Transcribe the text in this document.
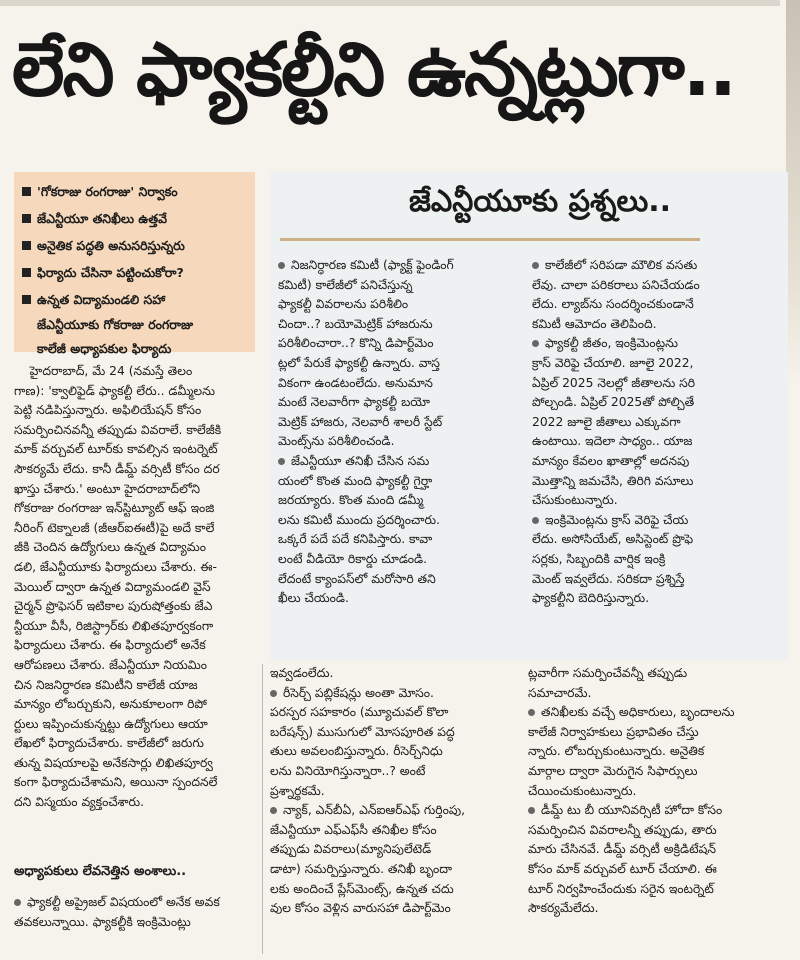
లేని ఫ్యాకల్టీని ఉన్నట్లుగా..
'గోకరాజు రంగరాజు' నిర్వాకం
జేఎన్టీయూ తనిఖీలు ఉత్తవే
అనైతిక పద్ధతి అనుసరిస్తున్నరు
ఫిర్యాదు చేసినా పట్టించుకోరా?
ఉన్నత విద్యామండలి సహా
జేఎన్టీయూకు గోకరాజు రంగరాజు
కాలేజీ అధ్యాపకుల ఫిర్యాదు
జేఎన్టీయూకు ప్రశ్నలు..
నిజనిర్ధారణ కమిటీ (ఫ్యాక్ట్ ఫైండింగ్
కమిటీ) కాలేజీలో పనిచేస్తున్న
ఫ్యాకల్టీ వివరాలను పరిశీలిం
చిందా..? బయోమెట్రిక్ హాజరును
పరిశీలించారా..? కొన్ని డిపార్ట్‌మెం
ట్లలో పేరుకే ఫ్యాకల్టీ ఉన్నారు. వాస్త
వికంగా ఉండటంలేదు. అనుమాన
మంటే నెలవారీగా ఫ్యాకల్టీ బయో
మెట్రిక్ హాజరు, నెలవారీ శాలరీ స్టేట్
మెంట్స్‌ను పరిశీలించండి.
జేఎన్టీయూ తనిఖీ చేసిన సమ
యంలో కొంత మంది ఫ్యాకల్టీ గైర్హా
జరయ్యారు. కొంత మంది డమ్మీ
లను కమిటీ ముందు ప్రదర్శించారు.
ఒక్కరే పదే పదే కనిపిస్తారు. కావా
లంటే వీడియో రికార్డు చూడండి.
లేదంటే క్యాంపస్‌లో మరోసారి తని
ఖీలు చేయండి.
కాలేజీలో సరిపడా మౌలిక వసతు
లేవు. చాలా పరికరాలు పనిచేయడం
లేదు. ల్యాబ్‌ను సందర్శించకుండానే
కమిటీ ఆమోదం తెలిపింది.
ఫ్యాకల్టీ జీతం, ఇంక్రిమెంట్లను
క్రాస్ వెరిఫై చేయాలి. జూలై 2022,
ఏప్రిల్ 2025 నెలల్లో జీతాలను సరి
పోల్చండి. ఏప్రిల్ 2025తో పోల్చితే
2022 జూలై జీతాలు ఎక్కువగా
ఉంటాయి. ఇదెలా సాధ్యం.. యాజ
మాన్యం కేవలం ఖాతాల్లో అదనపు
మొత్తాన్ని జమచేసి, తిరిగి వసూలు
చేసుకుంటున్నారు.
ఇంక్రిమెంట్లను క్రాస్ వెరిఫై చేయ
లేదు. అసోసియేట్, అసిస్టెంట్ ప్రొఫె
సర్లకు, సిబ్బందికి వార్షిక ఇంక్రి
మెంట్ ఇవ్వలేదు. సరికదా ప్రశ్నిస్తే
ఫ్యాకల్టీని బెదిరిస్తున్నారు.
హైదరాబాద్, మే 24 (నమస్తే తెలం
గాణ): 'క్వాలిఫైడ్ ఫ్యాకల్టీ లేరు.. డమ్మీలను
పెట్టి నడిపిస్తున్నారు. అఫిలియేషన్ కోసం
సమర్పించినవన్నీ తప్పుడు వివరాలే. కాలేజీకి
మాక్ వర్చువల్ టూర్‌కు కావల్సిన ఇంటర్నెట్
సౌకర్యమే లేదు. కానీ డీమ్డ్ వర్సిటీ కోసం దర
ఖాస్తు చేశారు.' అంటూ హైదరాబాద్‌లోని
గోకరాజు రంగరాజు ఇన్‌స్టిట్యూట్ ఆఫ్ ఇంజి
నీరింగ్ టెక్నాలజీ (జీఆర్ఐఈటీ)పై అదే కాలే
జీకి చెందిన ఉద్యోగులు ఉన్నత విద్యామం
డలి, జేఎన్టీయూకు ఫిర్యాదులు చేశారు. ఈ-
మెయిల్ ద్వారా ఉన్నత విద్యామండలి వైస్
చైర్మన్ ప్రొఫెసర్ ఇటికాల పురుషోత్తంకు జేఎ
న్టీయూ వీసీ, రిజిస్ట్రార్‌కు లిఖితపూర్వకంగా
ఫిర్యాదులు చేశారు. ఈ ఫిర్యాదులో అనేక
ఆరోపణలు చేశారు. జేఎన్టీయూ నియమిం
చిన నిజనిర్ధారణ కమిటీని కాలేజీ యాజ
మాన్యం లోబర్చుకుని, అనుకూలంగా రిపో
ర్టులు ఇప్పించుకున్నట్టు ఉద్యోగులు ఆయా
లేఖలో ఫిర్యాదుచేశారు. కాలేజీలో జరుగు
తున్న విషయాలపై అనేకసార్లు లిఖితపూర్వ
కంగా ఫిర్యాదుచేశామని, అయినా స్పందనలే
దని విస్మయం వ్యక్తంచేశారు.
అధ్యాపకులు లేవనెత్తిన అంశాలు..
ఫ్యాకల్టీ అప్రైజల్ విషయంలో అనేక అవక
తవకలున్నాయి. ఫ్యాకల్టీకి ఇంక్రిమెంట్లు
ఇవ్వడంలేదు.
రీసెర్చ్ పబ్లికేషన్లు అంతా మోసం.
పరస్పర సహకారం (మ్యూచువల్ కొలా
బరేషన్స్) ముసుగులో మోసపూరిత పద్ధ
తులు అవలంబిస్తున్నారు. రీసెర్చ్‌నిధు
లను వినియోగిస్తున్నారా..? అంటే
ప్రశ్నార్థకమే.
న్యాక్, ఎన్‌బీఏ, ఎన్ఐఆర్ఎఫ్ గుర్తింపు,
జేఎన్టీయూ ఎఫ్ఎఫ్‌సీ తనిఖీల కోసం
తప్పుడు వివరాలు(మ్యానిపులేటెడ్
డాటా) సమర్పిస్తున్నారు. తనిఖీ బృందా
లకు అందించే ప్లేస్‌మెంట్స్, ఉన్నత చదు
వుల కోసం వెళ్లిన వారుసహా డిపార్ట్‌మెం
ట్లవారీగా సమర్పించేవన్నీ తప్పుడు
సమాచారమే.
తనిఖీలకు వచ్చే అధికారులు, బృందాలను
కాలేజీ నిర్వాహకులు ప్రభావితం చేస్తు
న్నారు. లోబర్చుకుంటున్నారు. అనైతిక
మార్గాల ద్వారా మెరుగైన సిఫార్సులు
చేయించుకుంటున్నారు.
డీమ్డ్ టు బీ యూనివర్సిటీ హోదా కోసం
సమర్పించిన వివరాలన్నీ తప్పుడు, తారు
మారు చేసినవే. డీమ్డ్ వర్సిటీ అక్రిడిటేషన్
కోసం మాక్ వర్చువల్ టూర్ చేయాలి. ఈ
టూర్ నిర్వహించేందుకు సరైన ఇంటర్నెట్
సౌకర్యమేలేదు.
